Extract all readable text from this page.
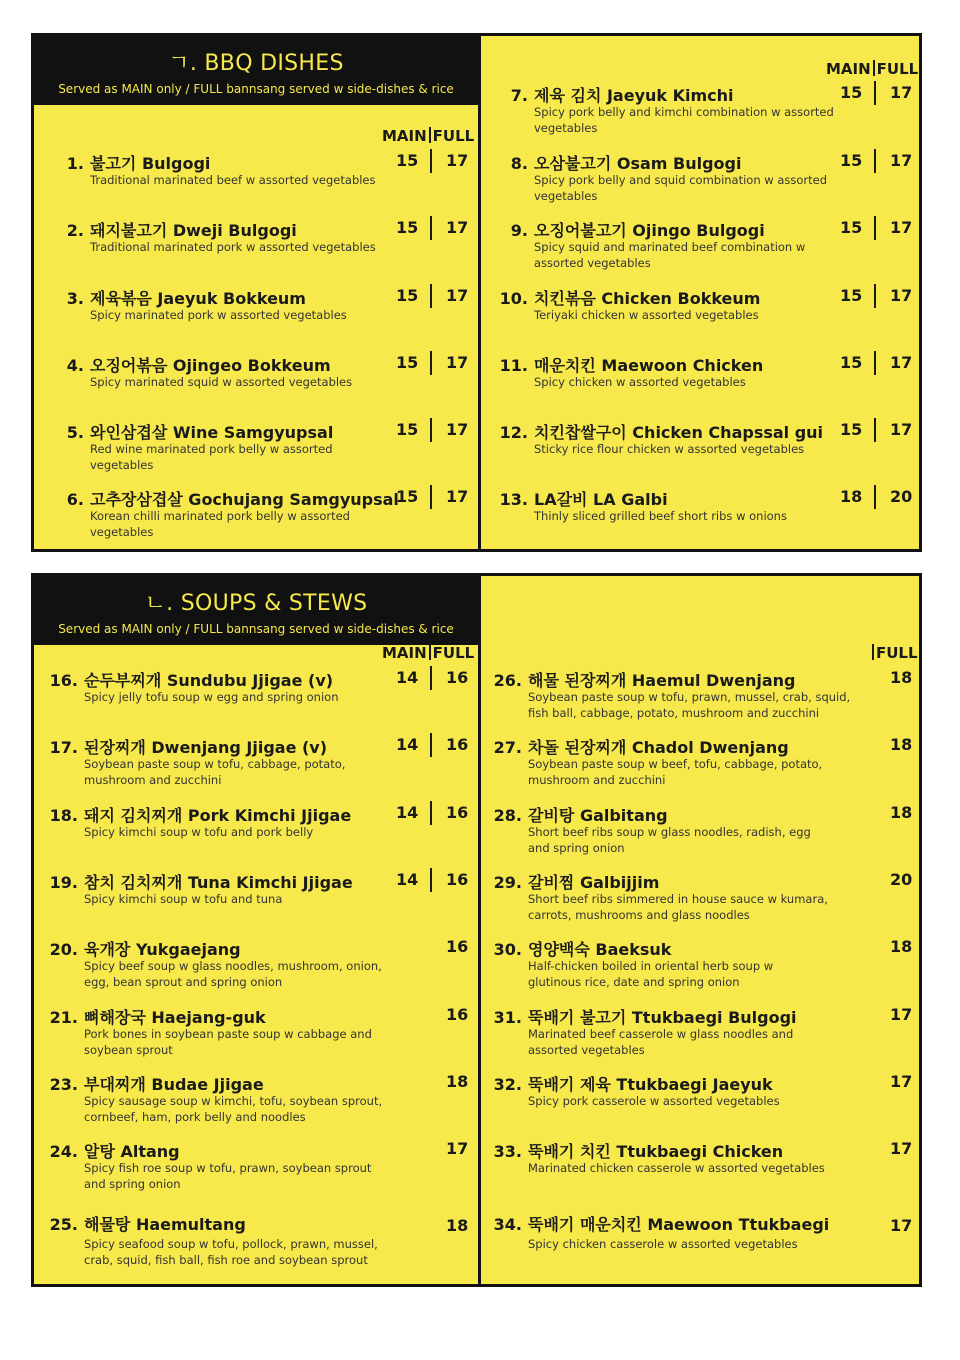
ㄱ. BBQ DISHES
Served as MAIN only / FULL bannsang served w side-dishes & rice
MAIN FULL
MAIN FULL
1. 불고기 Bulgogi
Traditional marinated beef w assorted vegetables
15 17
2. 돼지불고기 Dweji Bulgogi
Traditional marinated pork w assorted vegetables
15 17
3. 제육볶음 Jaeyuk Bokkeum
Spicy marinated pork w assorted vegetables
15 17
4. 오징어볶음 Ojingeo Bokkeum
Spicy marinated squid w assorted vegetables
15 17
5. 와인삼겹살 Wine Samgyupsal
Red wine marinated pork belly w assorted vegetables
15 17
6. 고추장삼겹살 Gochujang Samgyupsal
Korean chilli marinated pork belly w assorted vegetables
15 17
7. 제육 김치 Jaeyuk Kimchi
Spicy pork belly and kimchi combination w assorted vegetables
15 17
8. 오삼불고기 Osam Bulgogi
Spicy pork belly and squid combination w assorted vegetables
15 17
9. 오징어불고기 Ojingo Bulgogi
Spicy squid and marinated beef combination w assorted vegetables
15 17
10. 치킨볶음 Chicken Bokkeum
Teriyaki chicken w assorted vegetables
15 17
11. 매운치킨 Maewoon Chicken
Spicy chicken w assorted vegetables
15 17
12. 치킨찹쌀구이 Chicken Chapssal gui
Sticky rice flour chicken w assorted vegetables
15 17
13. LA갈비 LA Galbi
Thinly sliced grilled beef short ribs w onions
18 20
ㄴ. SOUPS & STEWS
Served as MAIN only / FULL bannsang served w side-dishes & rice
MAIN FULL	FULL
16. 순두부찌개 Sundubu Jjigae (v)
Spicy jelly tofu soup w egg and spring onion
14 16
17. 된장찌개 Dwenjang Jjigae (v)
Soybean paste soup w tofu, cabbage, potato, mushroom and zucchini
14 16
18. 돼지 김치찌개 Pork Kimchi Jjigae
Spicy kimchi soup w tofu and pork belly
14 16
19. 참치 김치찌개 Tuna Kimchi Jjigae
Spicy kimchi soup w tofu and tuna
14 16
20. 육개장 Yukgaejang
Spicy beef soup w glass noodles, mushroom, onion, egg, bean sprout and spring onion
16
21. 뼈해장국 Haejang-guk
Pork bones in soybean paste soup w cabbage and soybean sprout
16
23. 부대찌개 Budae Jjigae
Spicy sausage soup w kimchi, tofu, soybean sprout, cornbeef, ham, pork belly and noodles
18
24. 알탕 Altang
Spicy fish roe soup w tofu, prawn, soybean sprout and spring onion
17
25. 해물탕 Haemultang
Spicy seafood soup w tofu, pollock, prawn, mussel, crab, squid, fish ball, fish roe and soybean sprout
18
26. 해물 된장찌개 Haemul Dwenjang
Soybean paste soup w tofu, prawn, mussel, crab, squid, fish ball, cabbage, potato, mushroom and zucchini
18
27. 차돌 된장찌개 Chadol Dwenjang
Soybean paste soup w beef, tofu, cabbage, potato, mushroom and zucchini
18
28. 갈비탕 Galbitang
Short beef ribs soup w glass noodles, radish, egg and spring onion
18
29. 갈비찜 Galbijjim
Short beef ribs simmered in house sauce w kumara, carrots, mushrooms and glass noodles
20
30. 영양백숙 Baeksuk
Half-chicken boiled in oriental herb soup w glutinous rice, date and spring onion
18
31. 뚝배기 불고기 Ttukbaegi Bulgogi
Marinated beef casserole w glass noodles and assorted vegetables
17
32. 뚝배기 제육 Ttukbaegi Jaeyuk
Spicy pork casserole w assorted vegetables
17
33. 뚝배기 치킨 Ttukbaegi Chicken
Marinated chicken casserole w assorted vegetables
17
34. 뚝배기 매운치킨 Maewoon Ttukbaegi
Spicy chicken casserole w assorted vegetables
17
